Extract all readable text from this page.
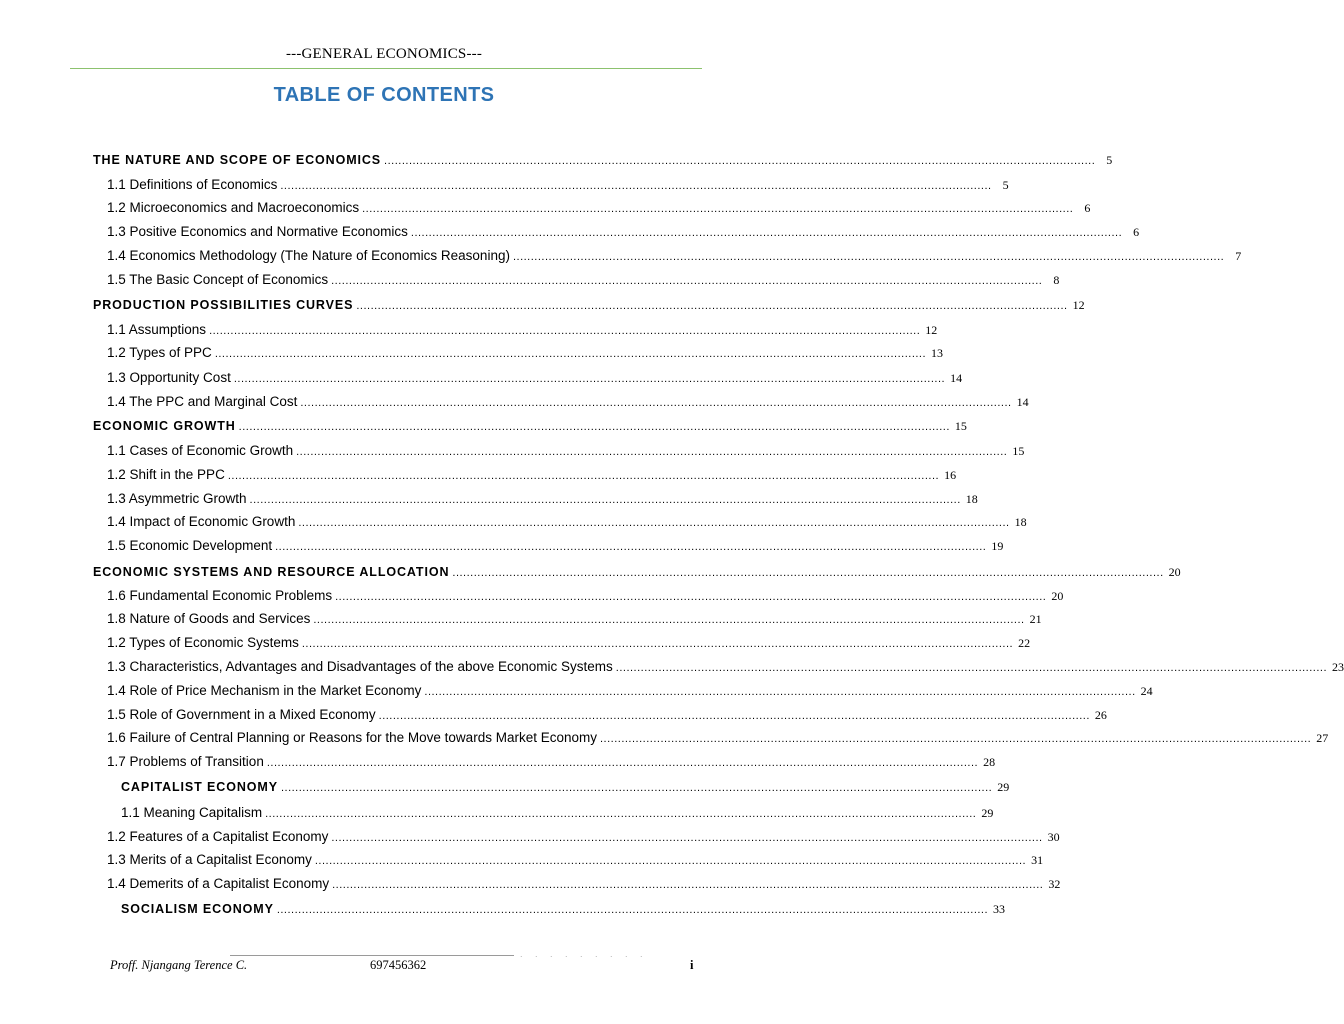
---GENERAL ECONOMICS---
TABLE OF CONTENTS
THE NATURE AND SCOPE OF ECONOMICS ........................................................................................................................................................................................................ 5
1.1 Definitions of Economics ........................................................................................................................................................................................................ 5
1.2 Microeconomics and Macroeconomics ........................................................................................................................................................................................................ 6
1.3 Positive Economics and Normative Economics ........................................................................................................................................................................................................ 6
1.4 Economics Methodology (The Nature of Economics Reasoning) ........................................................................................................................................................................................................ 7
1.5 The Basic Concept of Economics ........................................................................................................................................................................................................ 8
PRODUCTION POSSIBILITIES CURVES ........................................................................................................................................................................................................ 12
1.1 Assumptions ........................................................................................................................................................................................................ 12
1.2 Types of PPC ........................................................................................................................................................................................................ 13
1.3 Opportunity Cost ........................................................................................................................................................................................................ 14
1.4 The PPC and Marginal Cost ........................................................................................................................................................................................................ 14
ECONOMIC GROWTH ........................................................................................................................................................................................................ 15
1.1 Cases of Economic Growth ........................................................................................................................................................................................................ 15
1.2 Shift in the PPC ........................................................................................................................................................................................................ 16
1.3 Asymmetric Growth ........................................................................................................................................................................................................ 18
1.4 Impact of Economic Growth ........................................................................................................................................................................................................ 18
1.5 Economic Development ........................................................................................................................................................................................................ 19
ECONOMIC SYSTEMS AND RESOURCE ALLOCATION ........................................................................................................................................................................................................ 20
1.6 Fundamental Economic Problems ........................................................................................................................................................................................................ 20
1.8 Nature of Goods and Services ........................................................................................................................................................................................................ 21
1.2 Types of Economic Systems ........................................................................................................................................................................................................ 22
1.3 Characteristics, Advantages and Disadvantages of the above Economic Systems ........................................................................................................................................................................................................ 23
1.4 Role of Price Mechanism in the Market Economy ........................................................................................................................................................................................................ 24
1.5 Role of Government in a Mixed Economy ........................................................................................................................................................................................................ 26
1.6 Failure of Central Planning or Reasons for the Move towards Market Economy ........................................................................................................................................................................................................ 27
1.7 Problems of Transition ........................................................................................................................................................................................................ 28
CAPITALIST ECONOMY ........................................................................................................................................................................................................ 29
1.1 Meaning Capitalism ........................................................................................................................................................................................................ 29
1.2 Features of a Capitalist Economy ........................................................................................................................................................................................................ 30
1.3 Merits of a Capitalist Economy ........................................................................................................................................................................................................ 31
1.4 Demerits of a Capitalist Economy ........................................................................................................................................................................................................ 32
SOCIALISM ECONOMY ........................................................................................................................................................................................................ 33
. . . . . . . . .
Proff. Njangang Terence C.	697456362	i
